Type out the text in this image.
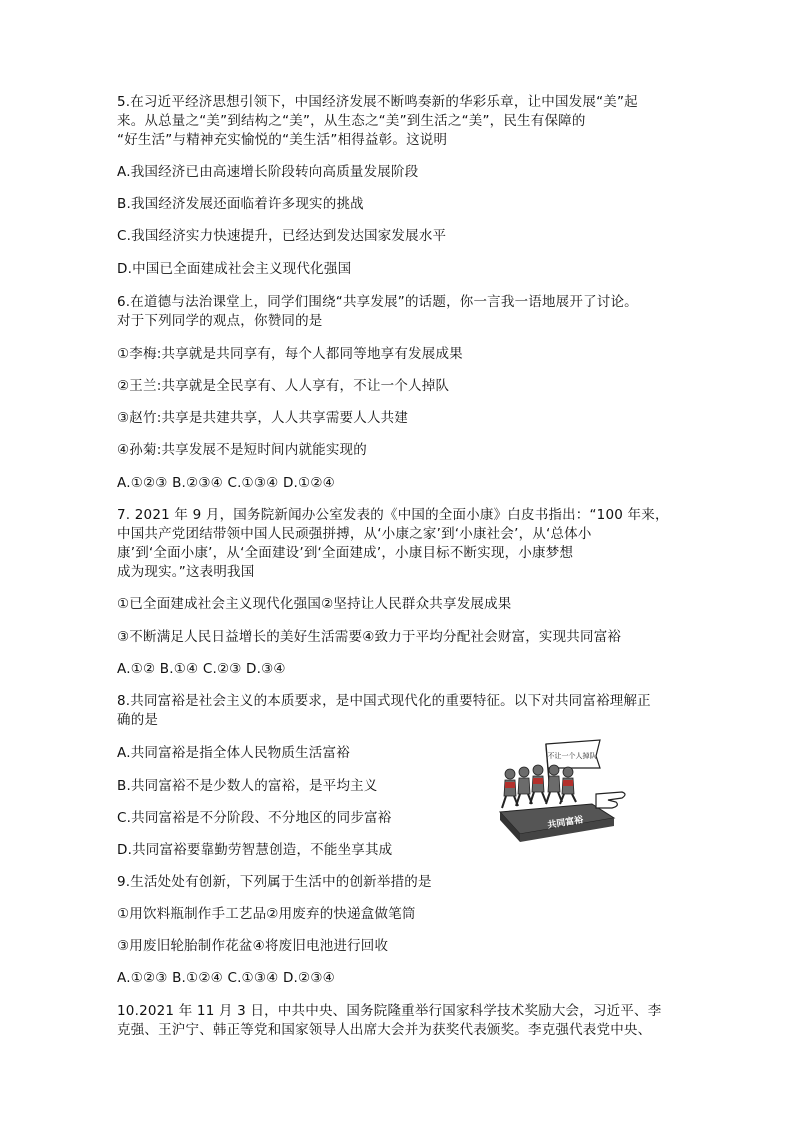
5.在习近平经济思想引领下，中国经济发展不断鸣奏新的华彩乐章，让中国发展“美”起
来。从总量之“美”到结构之“美”，从生态之“美”到生活之“美”，民生有保障的
“好生活”与精神充实愉悦的“美生活”相得益彰。这说明
A.我国经济已由高速增长阶段转向高质量发展阶段
B.我国经济发展还面临着许多现实的挑战
C.我国经济实力快速提升，已经达到发达国家发展水平
D.中国已全面建成社会主义现代化强国
6.在道德与法治课堂上，同学们围绕“共享发展”的话题，你一言我一语地展开了讨论。
对于下列同学的观点，你赞同的是
①李梅:共享就是共同享有，每个人都同等地享有发展成果
②王兰:共享就是全民享有、人人享有，不让一个人掉队
③赵竹:共享是共建共享，人人共享需要人人共建
④孙菊:共享发展不是短时间内就能实现的
A.①②③ B.②③④ C.①③④ D.①②④
7. 2021 年 9 月，国务院新闻办公室发表的《中国的全面小康》白皮书指出：“100 年来，
中国共产党团结带领中国人民顽强拼搏，从‘小康之家’到‘小康社会’，从‘总体小
康’到‘全面小康’，从‘全面建设’到‘全面建成’，小康目标不断实现，小康梦想
成为现实。”这表明我国
①已全面建成社会主义现代化强国②坚持让人民群众共享发展成果
③不断满足人民日益增长的美好生活需要④致力于平均分配社会财富，实现共同富裕
A.①② B.①④ C.②③ D.③④
8.共同富裕是社会主义的本质要求，是中国式现代化的重要特征。以下对共同富裕理解正
确的是
A.共同富裕是指全体人民物质生活富裕
B.共同富裕不是少数人的富裕，是平均主义
C.共同富裕是不分阶段、不分地区的同步富裕
D.共同富裕要靠勤劳智慧创造，不能坐享其成
不让一个人掉队
共同富裕
9.生活处处有创新，下列属于生活中的创新举措的是
①用饮料瓶制作手工艺品②用废弃的快递盒做笔筒
③用废旧轮胎制作花盆④将废旧电池进行回收
A.①②③ B.①②④ C.①③④ D.②③④
10.2021 年 11 月 3 日，中共中央、国务院隆重举行国家科学技术奖励大会，习近平、李
克强、王沪宁、韩正等党和国家领导人出席大会并为获奖代表颁奖。李克强代表党中央、
